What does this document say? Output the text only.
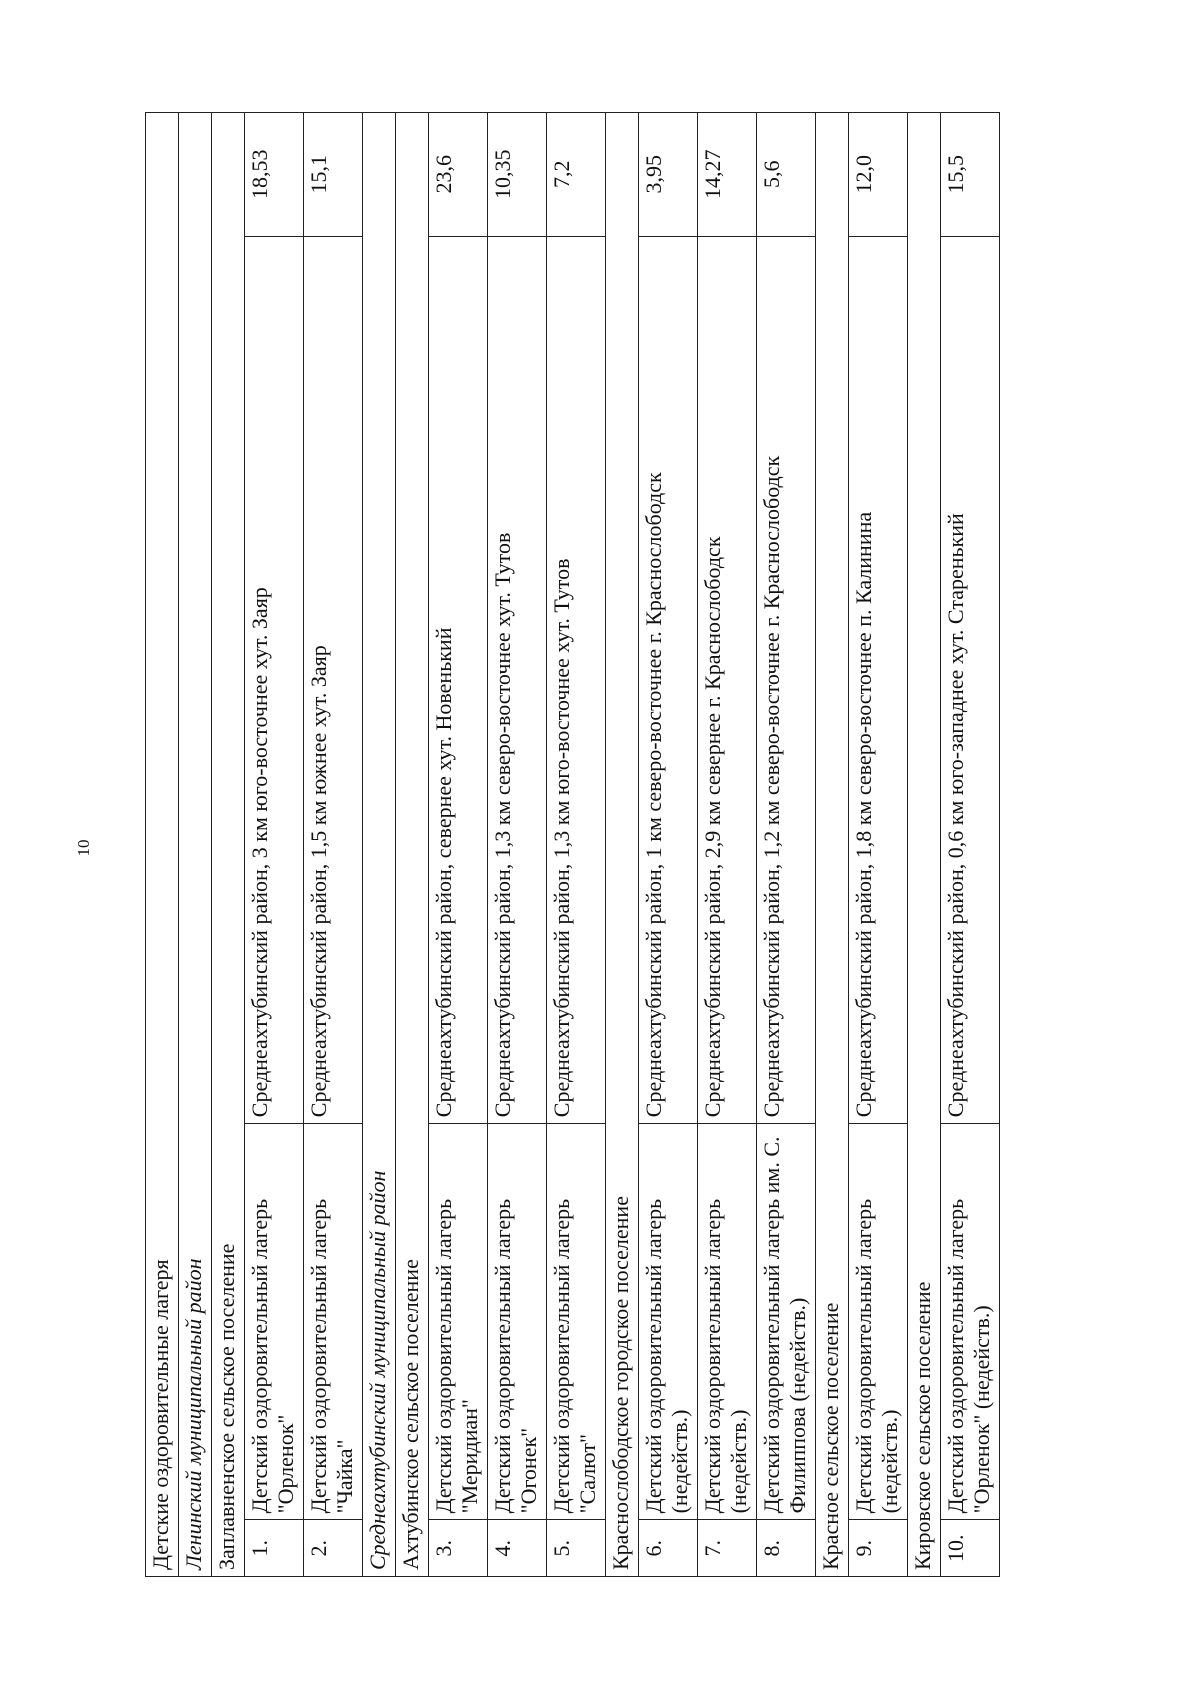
10
Детские оздоровительные лагеря			
Ленинский муниципальный район			
Заплавненское сельское поселение			
1.	Детский оздоровительный лагерь "Орленок"	Среднеахтубинский район, 3 км юго-восточнее хут. Заяр	18,53
2.	Детский оздоровительный лагерь "Чайка"	Среднеахтубинский район, 1,5 км южнее хут. Заяр	15,1
Среднеахтубинский муниципальный район			
Ахтубинское сельское поселение			
3.	Детский оздоровительный лагерь "Меридиан"	Среднеахтубинский район, севернее хут. Новенький	23,6
4.	Детский оздоровительный лагерь "Огонек"	Среднеахтубинский район, 1,3 км северо-восточнее хут. Тутов	10,35
5.	Детский оздоровительный лагерь "Салют"	Среднеахтубинский район, 1,3 км юго-восточнее хут. Тутов	7,2
Краснослободское городское поселение			
6.	Детский оздоровительный лагерь (недейств.)	Среднеахтубинский район, 1 км северо-восточнее г. Краснослободск	3,95
7.	Детский оздоровительный лагерь (недейств.)	Среднеахтубинский район, 2,9 км севернее г. Краснослободск	14,27
8.	Детский оздоровительный лагерь им. С. Филиппова (недейств.)	Среднеахтубинский район, 1,2 км северо-восточнее г. Краснослободск	5,6
Красное сельское поселение			
9.	Детский оздоровительный лагерь (недейств.)	Среднеахтубинский район, 1,8 км северо-восточнее п. Калинина	12,0
Кировское сельское поселение			
10.	Детский оздоровительный лагерь "Орленок" (недейств.)	Среднеахтубинский район, 0,6 км юго-западнее хут. Старенький	15,5
